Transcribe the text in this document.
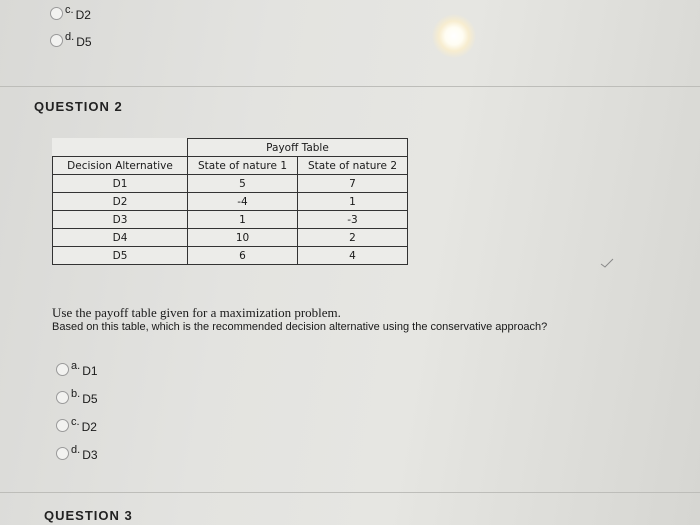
c. D2
d. D5
QUESTION 2
	Payoff Table	
Decision Alternative	State of nature 1	State of nature 2
D1	5	7
D2	-4	1
D3	1	-3
D4	10	2
D5	6	4
Use the payoff table given for a maximization problem.
Based on this table, which is the recommended decision alternative using the conservative approach?
a. D1
b. D5
c. D2
d. D3
QUESTION 3
